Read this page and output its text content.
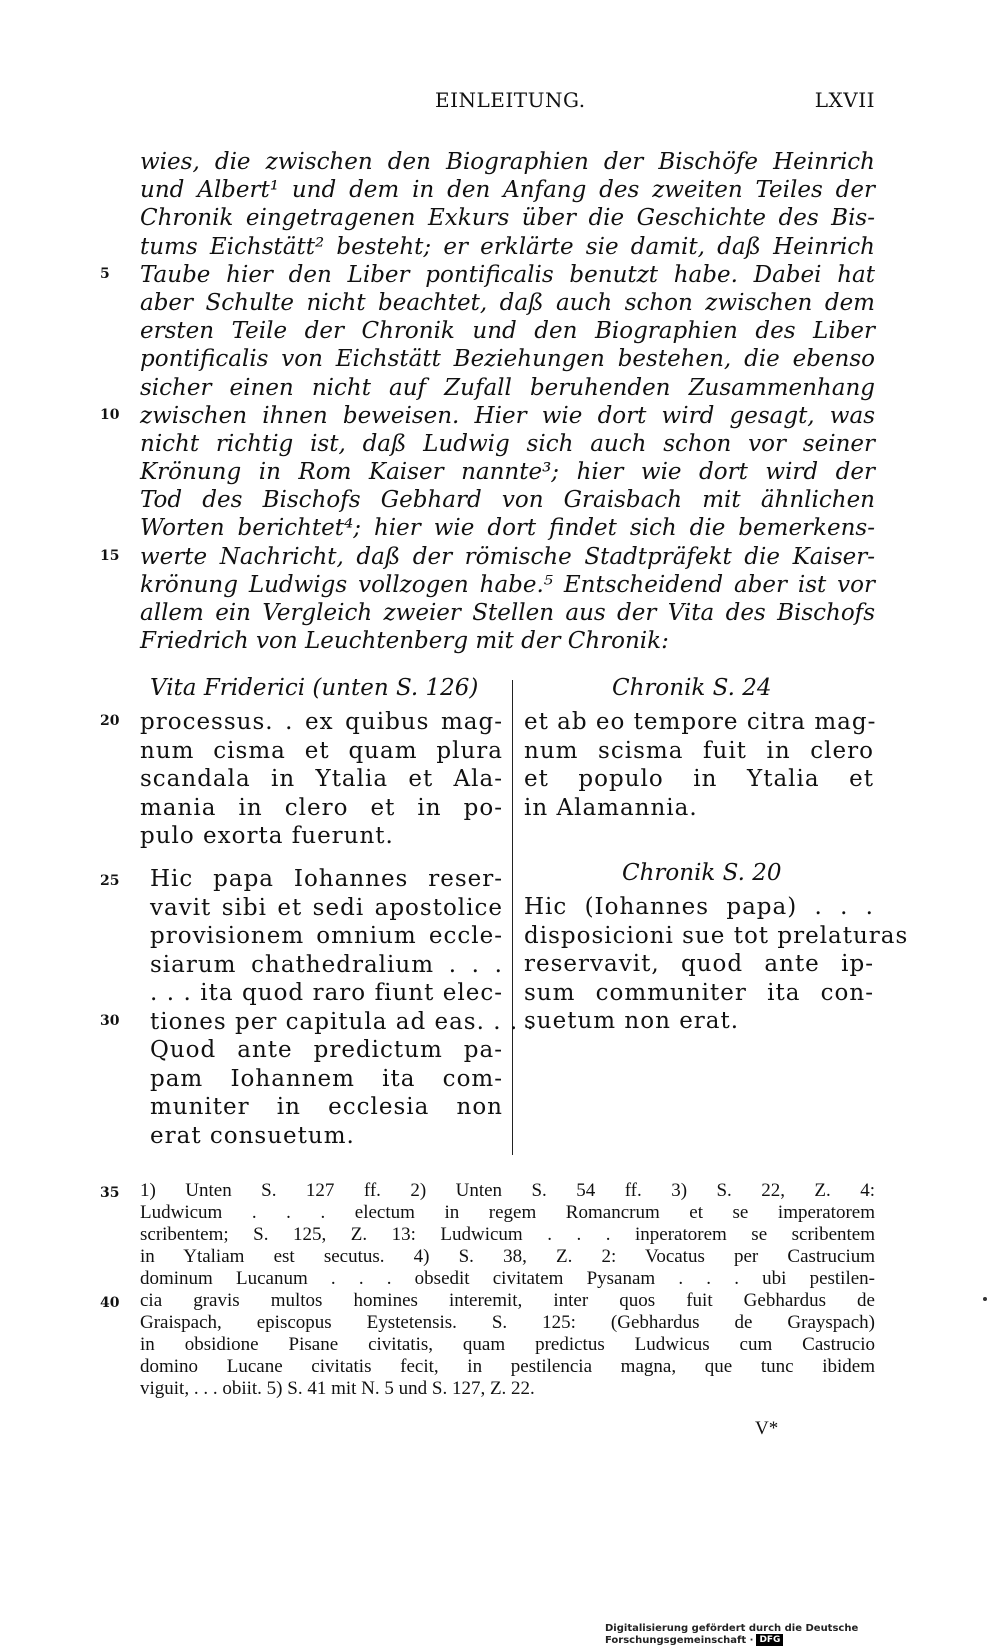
EINLEITUNG.	LXVII
wies, die zwischen den Biographien der Bischöfe Heinrich
und Albert¹ und dem in den Anfang des zweiten Teiles der
Chronik eingetragenen Exkurs über die Geschichte des Bis-
tums Eichstätt² besteht; er erklärte sie damit, daß Heinrich
Taube hier den Liber pontificalis benutzt habe. Dabei hat
aber Schulte nicht beachtet, daß auch schon zwischen dem
ersten Teile der Chronik und den Biographien des Liber
pontificalis von Eichstätt Beziehungen bestehen, die ebenso
sicher einen nicht auf Zufall beruhenden Zusammenhang
zwischen ihnen beweisen. Hier wie dort wird gesagt, was
nicht richtig ist, daß Ludwig sich auch schon vor seiner
Krönung in Rom Kaiser nannte³; hier wie dort wird der
Tod des Bischofs Gebhard von Graisbach mit ähnlichen
Worten berichtet⁴; hier wie dort findet sich die bemerkens-
werte Nachricht, daß der römische Stadtpräfekt die Kaiser-
krönung Ludwigs vollzogen habe.⁵ Entscheidend aber ist vor
allem ein Vergleich zweier Stellen aus der Vita des Bischofs
Friedrich von Leuchtenberg mit der Chronik:
5
10
15
20
25
30
35
40
Vita Friderici (unten S. 126)	Chronik S. 24
processus. . ex quibus mag-
num cisma et quam plura
scandala in Ytalia et Ala-
mania in clero et in po-
pulo exorta fuerunt.
et ab eo tempore citra mag-
num scisma fuit in clero
et populo in Ytalia et
in Alamannia.
Chronik S. 20
Hic papa Iohannes reser-
vavit sibi et sedi apostolice
provisionem omnium eccle-
siarum chathedralium . . .
. . . ita quod raro fiunt elec-
tiones per capitula ad eas. . . .
Quod ante predictum pa-
pam Iohannem ita com-
muniter in ecclesia non
erat consuetum.
Hic (Iohannes papa) . . .
disposicioni sue tot prelaturas
reservavit, quod ante ip-
sum communiter ita con-
suetum non erat.
1) Unten S. 127 ff. 2) Unten S. 54 ff. 3) S. 22, Z. 4:
Ludwicum . . . electum in regem Romancrum et se imperatorem
scribentem; S. 125, Z. 13: Ludwicum . . . inperatorem se scribentem
in Ytaliam est secutus. 4) S. 38, Z. 2: Vocatus per Castrucium
dominum Lucanum . . . obsedit civitatem Pysanam . . . ubi pestilen-
cia gravis multos homines interemit, inter quos fuit Gebhardus de
Graispach, episcopus Eystetensis. S. 125: (Gebhardus de Grayspach)
in obsidione Pisane civitatis, quam predictus Ludwicus cum Castrucio
domino Lucane civitatis fecit, in pestilencia magna, que tunc ibidem
viguit, . . . obiit. 5) S. 41 mit N. 5 und S. 127, Z. 22.
V*
Digitalisierung gefördert durch die Deutsche Forschungsgemeinschaft · DFG
